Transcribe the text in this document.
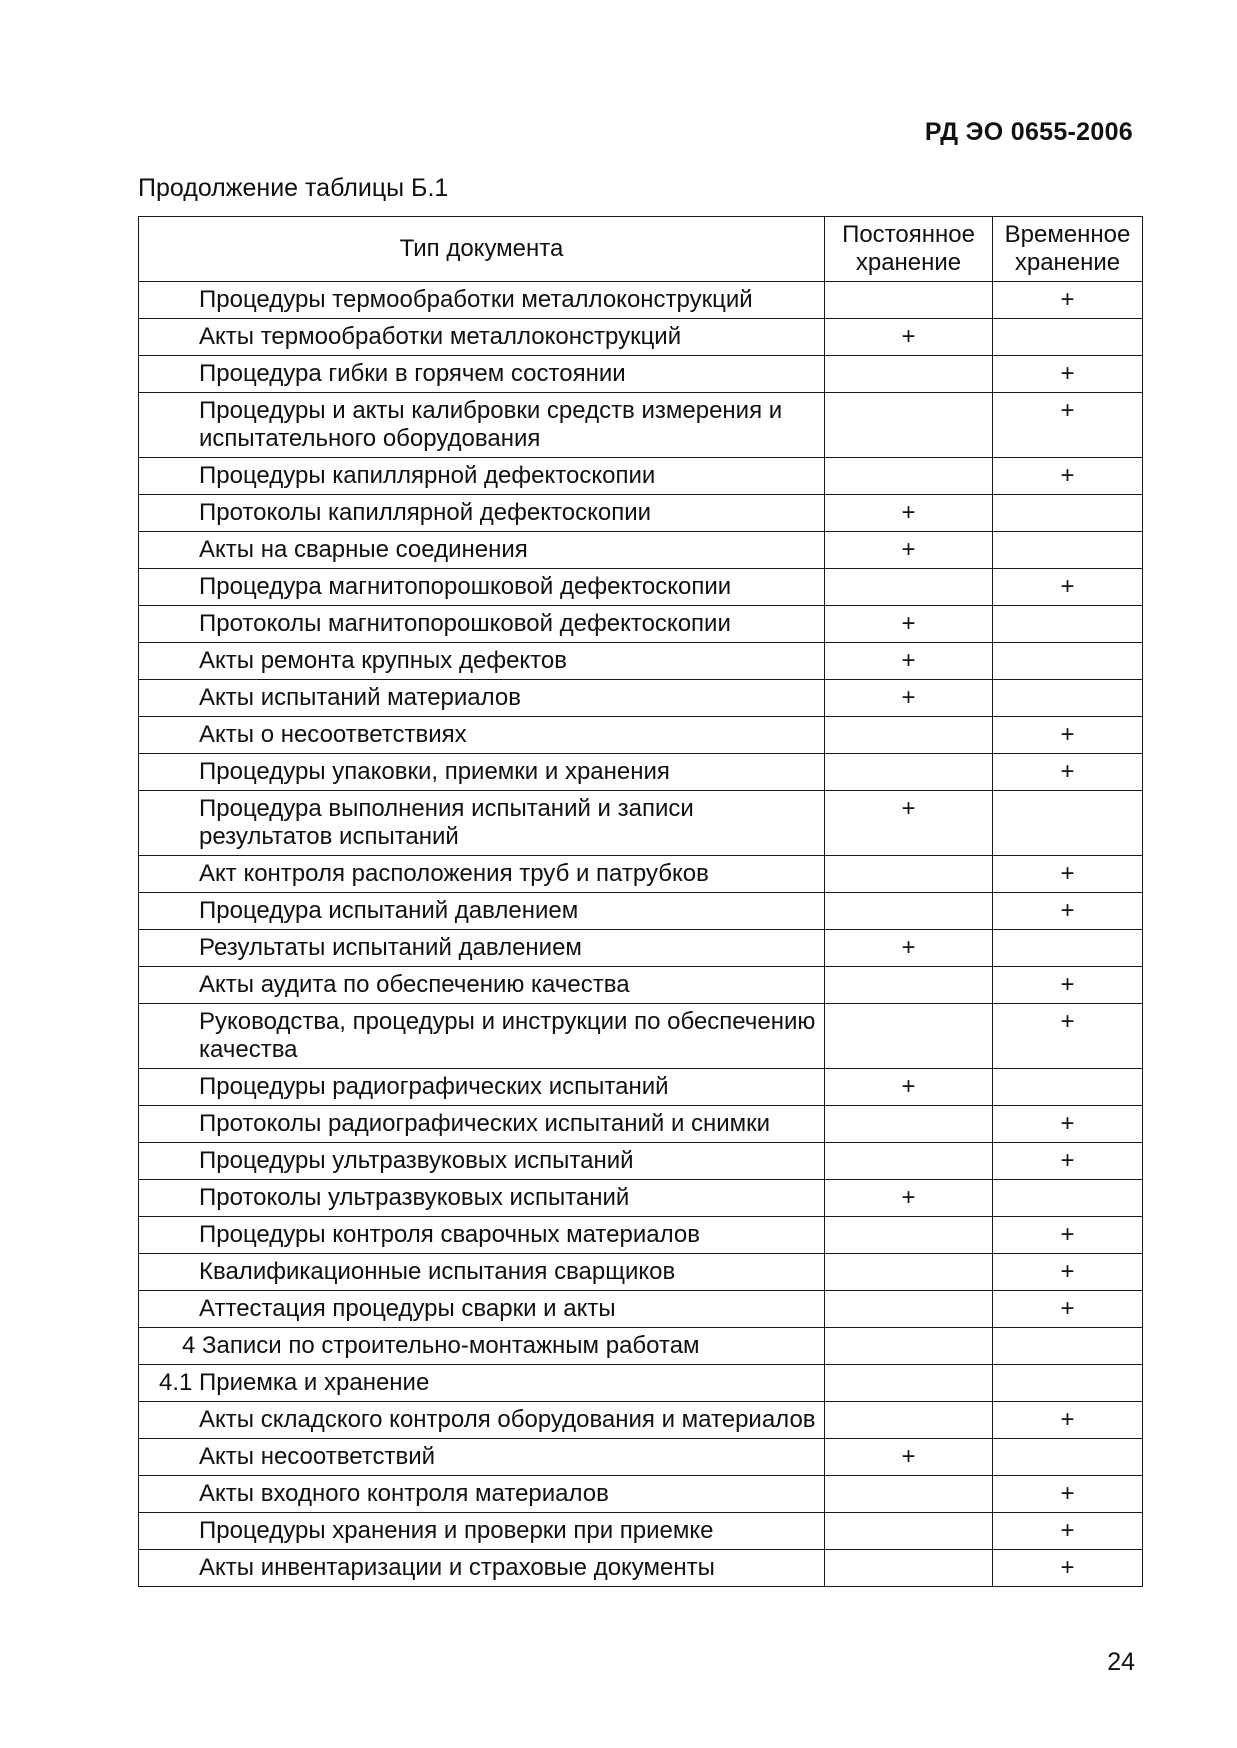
РД ЭО 0655-2006
Продолжение таблицы Б.1
Тип документа	Постоянное хранение	Временное хранение
Процедуры термообработки металлоконструкций		+
Акты термообработки металлоконструкций	+	
Процедура гибки в горячем состоянии		+
Процедуры и акты калибровки средств измерения и испытательного оборудования		+
Процедуры капиллярной дефектоскопии		+
Протоколы капиллярной дефектоскопии	+	
Акты на сварные соединения	+	
Процедура магнитопорошковой дефектоскопии		+
Протоколы магнитопорошковой дефектоскопии	+	
Акты ремонта крупных дефектов	+	
Акты испытаний материалов	+	
Акты о несоответствиях		+
Процедуры упаковки, приемки и хранения		+
Процедура выполнения испытаний и записи результатов испытаний	+	
Акт контроля расположения труб и патрубков		+
Процедура испытаний давлением		+
Результаты испытаний давлением	+	
Акты аудита по обеспечению качества		+
Руководства, процедуры и инструкции по обеспечению качества		+
Процедуры радиографических испытаний	+	
Протоколы радиографических испытаний и снимки		+
Процедуры ультразвуковых испытаний		+
Протоколы ультразвуковых испытаний	+	
Процедуры контроля сварочных материалов		+
Квалификационные испытания сварщиков		+
Аттестация процедуры сварки и акты		+
4 Записи по строительно-монтажным работам		
4.1 Приемка и хранение		
Акты складского контроля оборудования и материалов		+
Акты несоответствий	+	
Акты входного контроля материалов		+
Процедуры хранения и проверки при приемке		+
Акты инвентаризации и страховые документы		+
24
